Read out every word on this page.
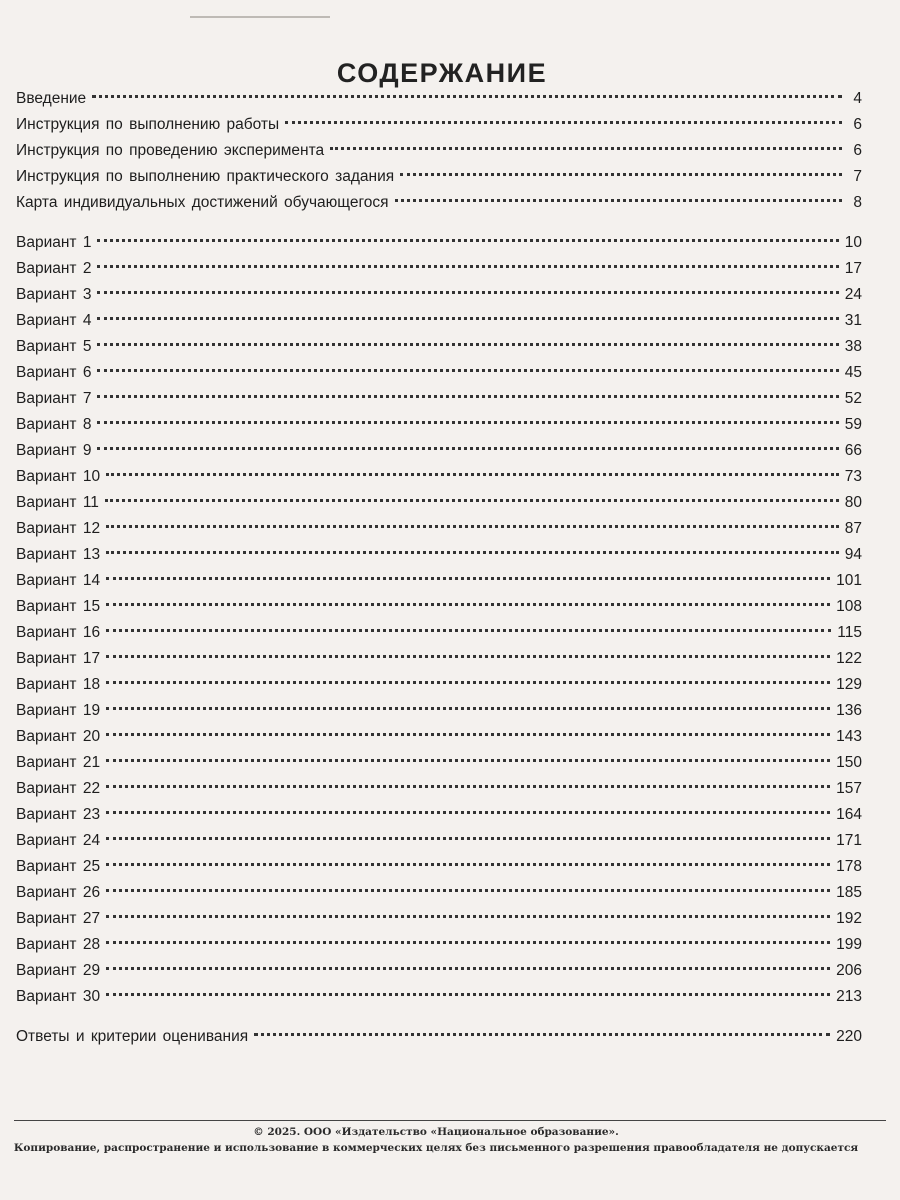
СОДЕРЖАНИЕ
Введение	4
Инструкция по выполнению работы	6
Инструкция по проведению эксперимента	6
Инструкция по выполнению практического задания	7
Карта индивидуальных достижений обучающегося	8
Вариант 1	10
Вариант 2	17
Вариант 3	24
Вариант 4	31
Вариант 5	38
Вариант 6	45
Вариант 7	52
Вариант 8	59
Вариант 9	66
Вариант 10	73
Вариант 11	80
Вариант 12	87
Вариант 13	94
Вариант 14	101
Вариант 15	108
Вариант 16	115
Вариант 17	122
Вариант 18	129
Вариант 19	136
Вариант 20	143
Вариант 21	150
Вариант 22	157
Вариант 23	164
Вариант 24	171
Вариант 25	178
Вариант 26	185
Вариант 27	192
Вариант 28	199
Вариант 29	206
Вариант 30	213
Ответы и критерии оценивания	220
© 2025. ООО «Издательство «Национальное образование».
Копирование, распространение и использование в коммерческих целях без письменного разрешения правообладателя не допускается
